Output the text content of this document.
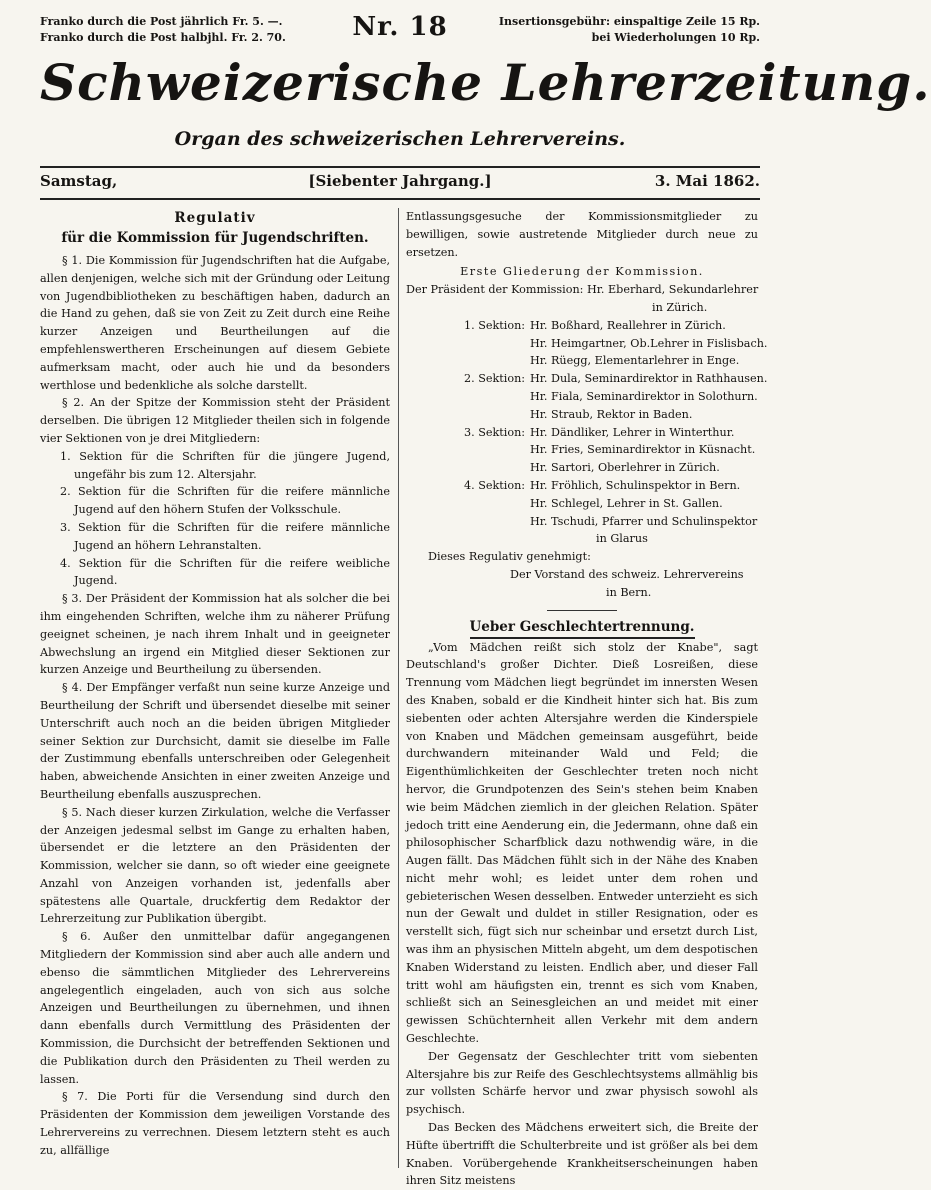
Franko durch die Post jährlich Fr. 5. —.
Franko durch die Post halbjhl. Fr. 2. 70.	Nr. 18	Insertionsgebühr: einspaltige Zeile 15 Rp.
bei Wiederholungen 10 Rp.
Schweizerische Lehrerzeitung.
Organ des schweizerischen Lehrervereins.
Samstag,	[Siebenter Jahrgang.]	3. Mai 1862.
Regulativ
für die Kommission für Jugendschriften.

§ 1. Die Kommission für Jugendschriften hat die Aufgabe, allen denjenigen, welche sich mit der Gründung oder Leitung von Jugendbibliotheken zu beschäftigen haben, dadurch an die Hand zu gehen, daß sie von Zeit zu Zeit durch eine Reihe kurzer Anzeigen und Beurtheilungen auf die empfehlenswertheren Erscheinungen auf diesem Gebiete aufmerksam macht, oder auch hie und da besonders werthlose und bedenkliche als solche darstellt.

§ 2. An der Spitze der Kommission steht der Präsident derselben. Die übrigen 12 Mitglieder theilen sich in folgende vier Sektionen von je drei Mitgliedern:

1. Sektion für die Schriften für die jüngere Jugend, ungefähr bis zum 12. Altersjahr.

2. Sektion für die Schriften für die reifere männliche Jugend auf den höhern Stufen der Volksschule.

3. Sektion für die Schriften für die reifere männliche Jugend an höhern Lehranstalten.

4. Sektion für die Schriften für die reifere weibliche Jugend.

§ 3. Der Präsident der Kommission hat als solcher die bei ihm eingehenden Schriften, welche ihm zu näherer Prüfung geeignet scheinen, je nach ihrem Inhalt und in geeigneter Abwechslung an irgend ein Mitglied dieser Sektionen zur kurzen Anzeige und Beurtheilung zu übersenden.

§ 4. Der Empfänger verfaßt nun seine kurze Anzeige und Beurtheilung der Schrift und übersendet dieselbe mit seiner Unterschrift auch noch an die beiden übrigen Mitglieder seiner Sektion zur Durchsicht, damit sie dieselbe im Falle der Zustimmung ebenfalls unterschreiben oder Gelegenheit haben, abweichende Ansichten in einer zweiten Anzeige und Beurtheilung ebenfalls auszusprechen.

§ 5. Nach dieser kurzen Zirkulation, welche die Verfasser der Anzeigen jedesmal selbst im Gange zu erhalten haben, übersendet er die letztere an den Präsidenten der Kommission, welcher sie dann, so oft wieder eine geeignete Anzahl von Anzeigen vorhanden ist, jedenfalls aber spätestens alle Quartale, druckfertig dem Redaktor der Lehrerzeitung zur Publikation übergibt.

§ 6. Außer den unmittelbar dafür angegangenen Mitgliedern der Kommission sind aber auch alle andern und ebenso die sämmtlichen Mitglieder des Lehrervereins angelegentlich eingeladen, auch von sich aus solche Anzeigen und Beurtheilungen zu übernehmen, und ihnen dann ebenfalls durch Vermittlung des Präsidenten der Kommission, die Durchsicht der betreffenden Sektionen und die Publikation durch den Präsidenten zu Theil werden zu lassen.

§ 7. Die Porti für die Versendung sind durch den Präsidenten der Kommission dem jeweiligen Vorstande des Lehrervereins zu verrechnen. Diesem letztern steht es auch zu, allfällige

Entlassungsgesuche der Kommissionsmitglieder zu bewilligen, sowie austretende Mitglieder durch neue zu ersetzen.

Erste Gliederung der Kommission.
Der Präsident der Kommission: Hr. Eberhard, Sekundarlehrer
in Zürich.
1. Sektion: Hr. Boßhard, Reallehrer in Zürich.
Hr. Heimgartner, Ob.Lehrer in Fislisbach.
Hr. Rüegg, Elementarlehrer in Enge.
2. Sektion: Hr. Dula, Seminardirektor in Rathhausen.
Hr. Fiala, Seminardirektor in Solothurn.
Hr. Straub, Rektor in Baden.
3. Sektion: Hr. Dändliker, Lehrer in Winterthur.
Hr. Fries, Seminardirektor in Küsnacht.
Hr. Sartori, Oberlehrer in Zürich.
4. Sektion: Hr. Fröhlich, Schulinspektor in Bern.
Hr. Schlegel, Lehrer in St. Gallen.
Hr. Tschudi, Pfarrer und Schulinspektor
in Glarus
Dieses Regulativ genehmigt:
Der Vorstand des schweiz. Lehrervereins
in Bern.
Ueber Geschlechtertrennung.

„Vom Mädchen reißt sich stolz der Knabe", sagt Deutschland's großer Dichter. Dieß Losreißen, diese Trennung vom Mädchen liegt begründet im innersten Wesen des Knaben, sobald er die Kindheit hinter sich hat. Bis zum siebenten oder achten Altersjahre werden die Kinderspiele von Knaben und Mädchen gemeinsam ausgeführt, beide durchwandern miteinander Wald und Feld; die Eigenthümlichkeiten der Geschlechter treten noch nicht hervor, die Grundpotenzen des Sein's stehen beim Knaben wie beim Mädchen ziemlich in der gleichen Relation. Später jedoch tritt eine Aenderung ein, die Jedermann, ohne daß ein philosophischer Scharfblick dazu nothwendig wäre, in die Augen fällt. Das Mädchen fühlt sich in der Nähe des Knaben nicht mehr wohl; es leidet unter dem rohen und gebieterischen Wesen desselben. Entweder unterzieht es sich nun der Gewalt und duldet in stiller Resignation, oder es verstellt sich, fügt sich nur scheinbar und ersetzt durch List, was ihm an physischen Mitteln abgeht, um dem despotischen Knaben Widerstand zu leisten. Endlich aber, und dieser Fall tritt wohl am häufigsten ein, trennt es sich vom Knaben, schließt sich an Seinesgleichen an und meidet mit einer gewissen Schüchternheit allen Verkehr mit dem andern Geschlechte.

Der Gegensatz der Geschlechter tritt vom siebenten Altersjahre bis zur Reife des Geschlechtsystems allmählig bis zur vollsten Schärfe hervor und zwar physisch sowohl als psychisch.

Das Becken des Mädchens erweitert sich, die Breite der Hüfte übertrifft die Schulterbreite und ist größer als bei dem Knaben. Vorübergehende Krankheitserscheinungen haben ihren Sitz meistens
